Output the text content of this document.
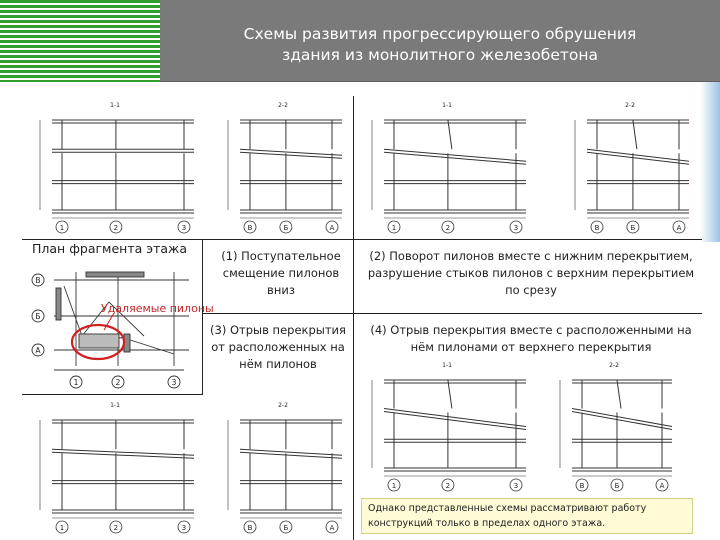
Схемы развития прогрессирующего обрушения
здания из монолитного железобетона
1-1
1	2	3
2-2
В	Б	А
1-1
1	2	3
2-2
В	Б	А
1-1
1	2	3
2-2
В	Б	А
1-1
1	2	3
2-2
В	Б	А
План фрагмента этажа
В
Б
А
1	2	3
Удаляемые пилоны
(1) Поступательное смещение пилонов вниз
(2) Поворот пилонов вместе с нижним перекрытием, разрушение стыков пилонов с верхним перекрытием по срезу
(3) Отрыв перекрытия от расположенных на нём пилонов
(4) Отрыв перекрытия вместе с расположенными на нём пилонами от верхнего перекрытия
Однако представленные схемы рассматривают работу
конструкций только в пределах одного этажа.
